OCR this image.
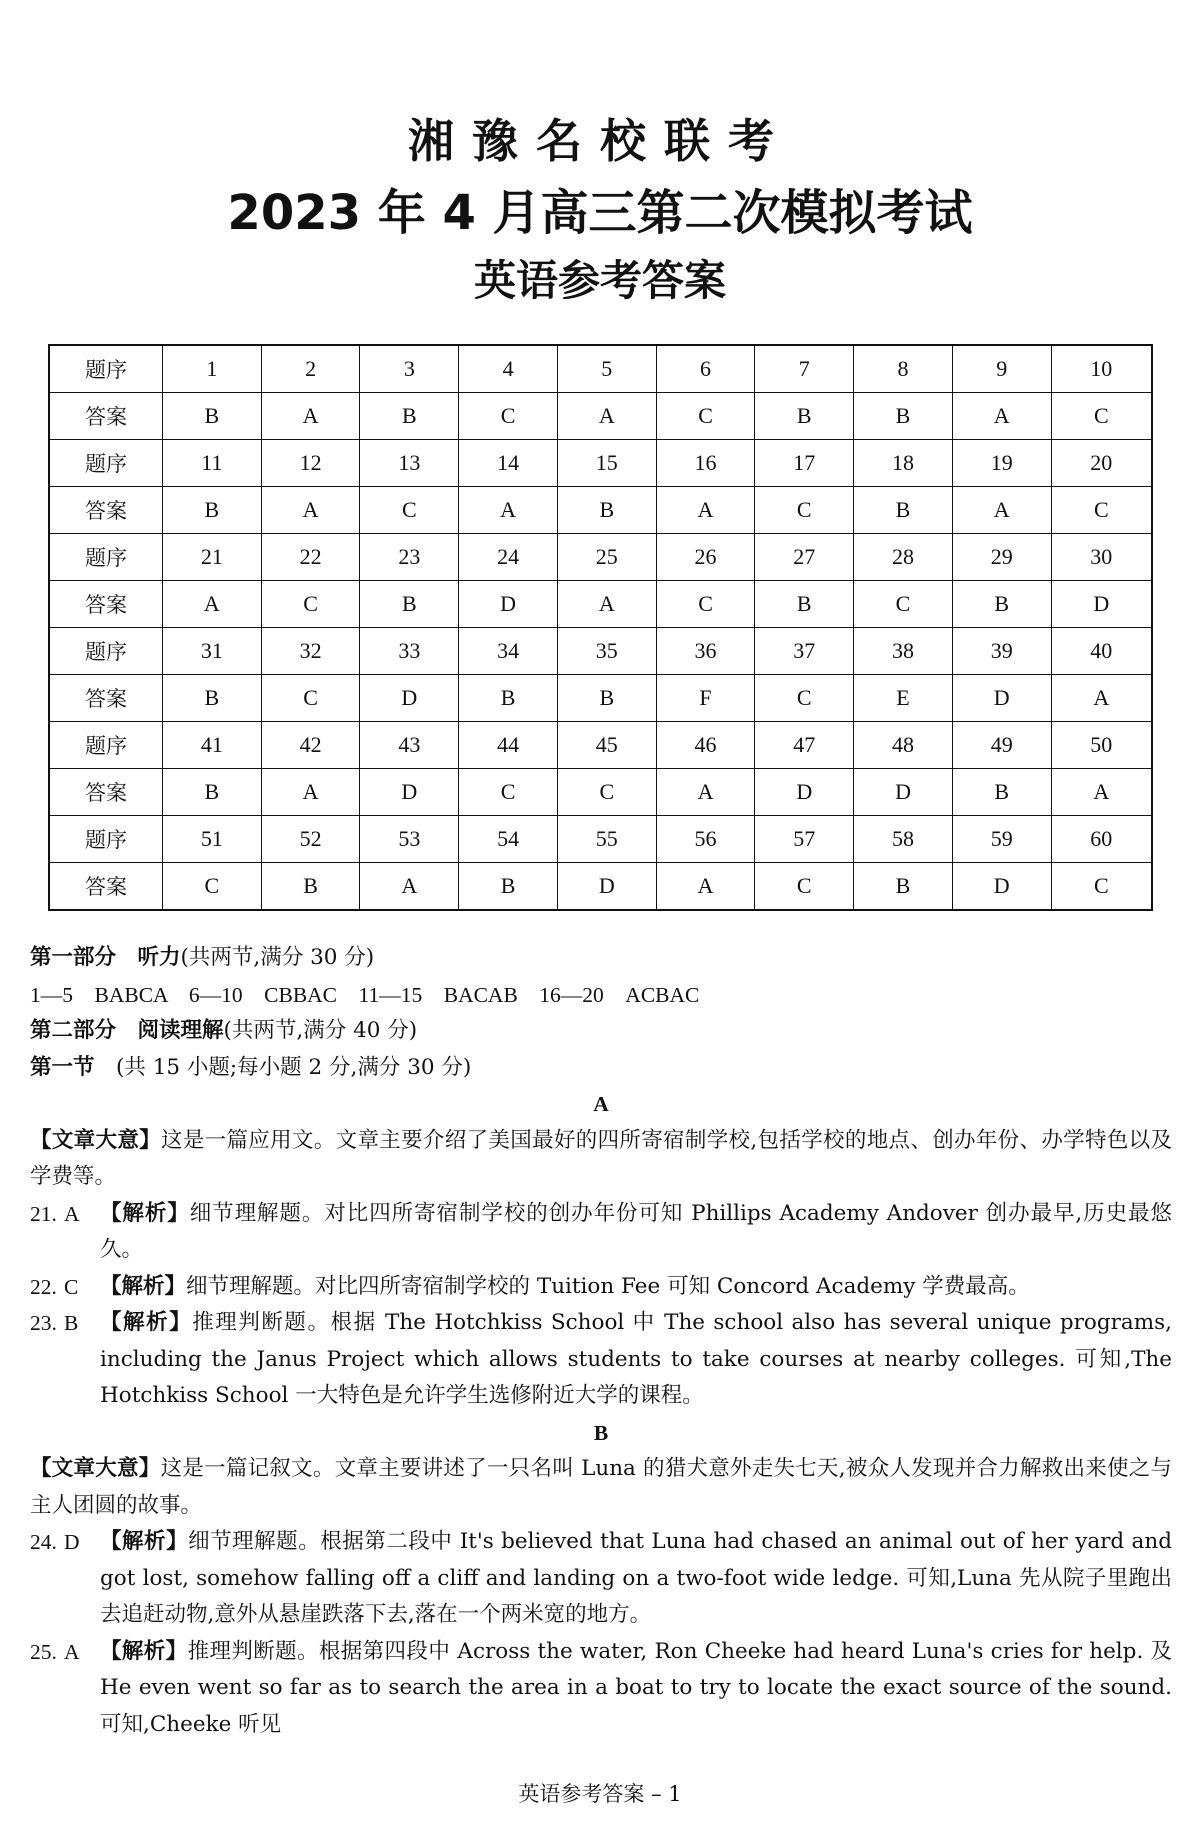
湘豫名校联考
2023 年 4 月高三第二次模拟考试
英语参考答案
题序	1	2	3	4	5	6	7	8	9	10
答案	B	A	B	C	A	C	B	B	A	C
题序	11	12	13	14	15	16	17	18	19	20
答案	B	A	C	A	B	A	C	B	A	C
题序	21	22	23	24	25	26	27	28	29	30
答案	A	C	B	D	A	C	B	C	B	D
题序	31	32	33	34	35	36	37	38	39	40
答案	B	C	D	B	B	F	C	E	D	A
题序	41	42	43	44	45	46	47	48	49	50
答案	B	A	D	C	C	A	D	D	B	A
题序	51	52	53	54	55	56	57	58	59	60
答案	C	B	A	B	D	A	C	B	D	C
第一部分　听力(共两节,满分 30 分)
1—5　BABCA　6—10　CBBAC　11—15　BACAB　16—20　ACBAC
第二部分　阅读理解(共两节,满分 40 分)
第一节　(共 15 小题;每小题 2 分,满分 30 分)
A
【文章大意】这是一篇应用文。文章主要介绍了美国最好的四所寄宿制学校,包括学校的地点、创办年份、办学特色以及学费等。
21. A 【解析】细节理解题。对比四所寄宿制学校的创办年份可知 Phillips Academy Andover 创办最早,历史最悠久。
22. C	【解析】细节理解题。对比四所寄宿制学校的 Tuition Fee 可知 Concord Academy 学费最高。
23. B	【解析】推理判断题。根据 The Hotchkiss School 中 The school also has several unique programs, including the Janus Project which allows students to take courses at nearby colleges. 可知,The Hotchkiss School 一大特色是允许学生选修附近大学的课程。
B
【文章大意】这是一篇记叙文。文章主要讲述了一只名叫 Luna 的猎犬意外走失七天,被众人发现并合力解救出来使之与主人团圆的故事。
24. D 【解析】细节理解题。根据第二段中 It's believed that Luna had chased an animal out of her yard and got lost, somehow falling off a cliff and landing on a two-foot wide ledge. 可知,Luna 先从院子里跑出去追赶动物,意外从悬崖跌落下去,落在一个两米宽的地方。
25. A 【解析】推理判断题。根据第四段中 Across the water, Ron Cheeke had heard Luna's cries for help. 及 He even went so far as to search the area in a boat to try to locate the exact source of the sound. 可知,Cheeke 听见
英语参考答案 – 1
